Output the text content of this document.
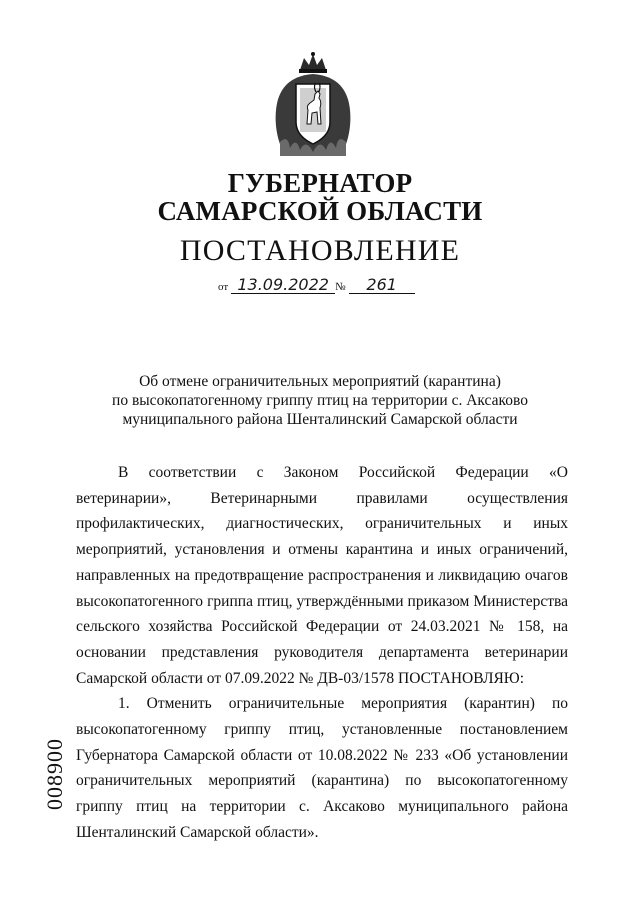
ГУБЕРНАТОР
САМАРСКОЙ ОБЛАСТИ
ПОСТАНОВЛЕНИЕ
от 13.09.2022 № 261
Об отмене ограничительных мероприятий (карантина)
по высокопатогенному гриппу птиц на территории с. Аксаково
муниципального района Шенталинский Самарской области

В соответствии с Законом Российской Федерации «О ветеринарии», Ветеринарными правилами осуществления профилактических, диагностических, ограничительных и иных мероприятий, установления и отмены карантина и иных ограничений, направленных на предотвращение распространения и ликвидацию очагов высокопатогенного гриппа птиц, утверждёнными приказом Министерства сельского хозяйства Российской Федерации от 24.03.2021 № 158, на основании представления руководителя департамента ветеринарии Самарской области от 07.09.2022 № ДВ-03/1578 ПОСТАНОВЛЯЮ:

1. Отменить ограничительные мероприятия (карантин) по высокопатогенному гриппу птиц, установленные постановлением Губернатора Самарской области от 10.08.2022 № 233 «Об установлении ограничительных мероприятий (карантина) по высокопатогенному гриппу птиц на территории с. Аксаково муниципального района Шенталинский Самарской области».

008900
